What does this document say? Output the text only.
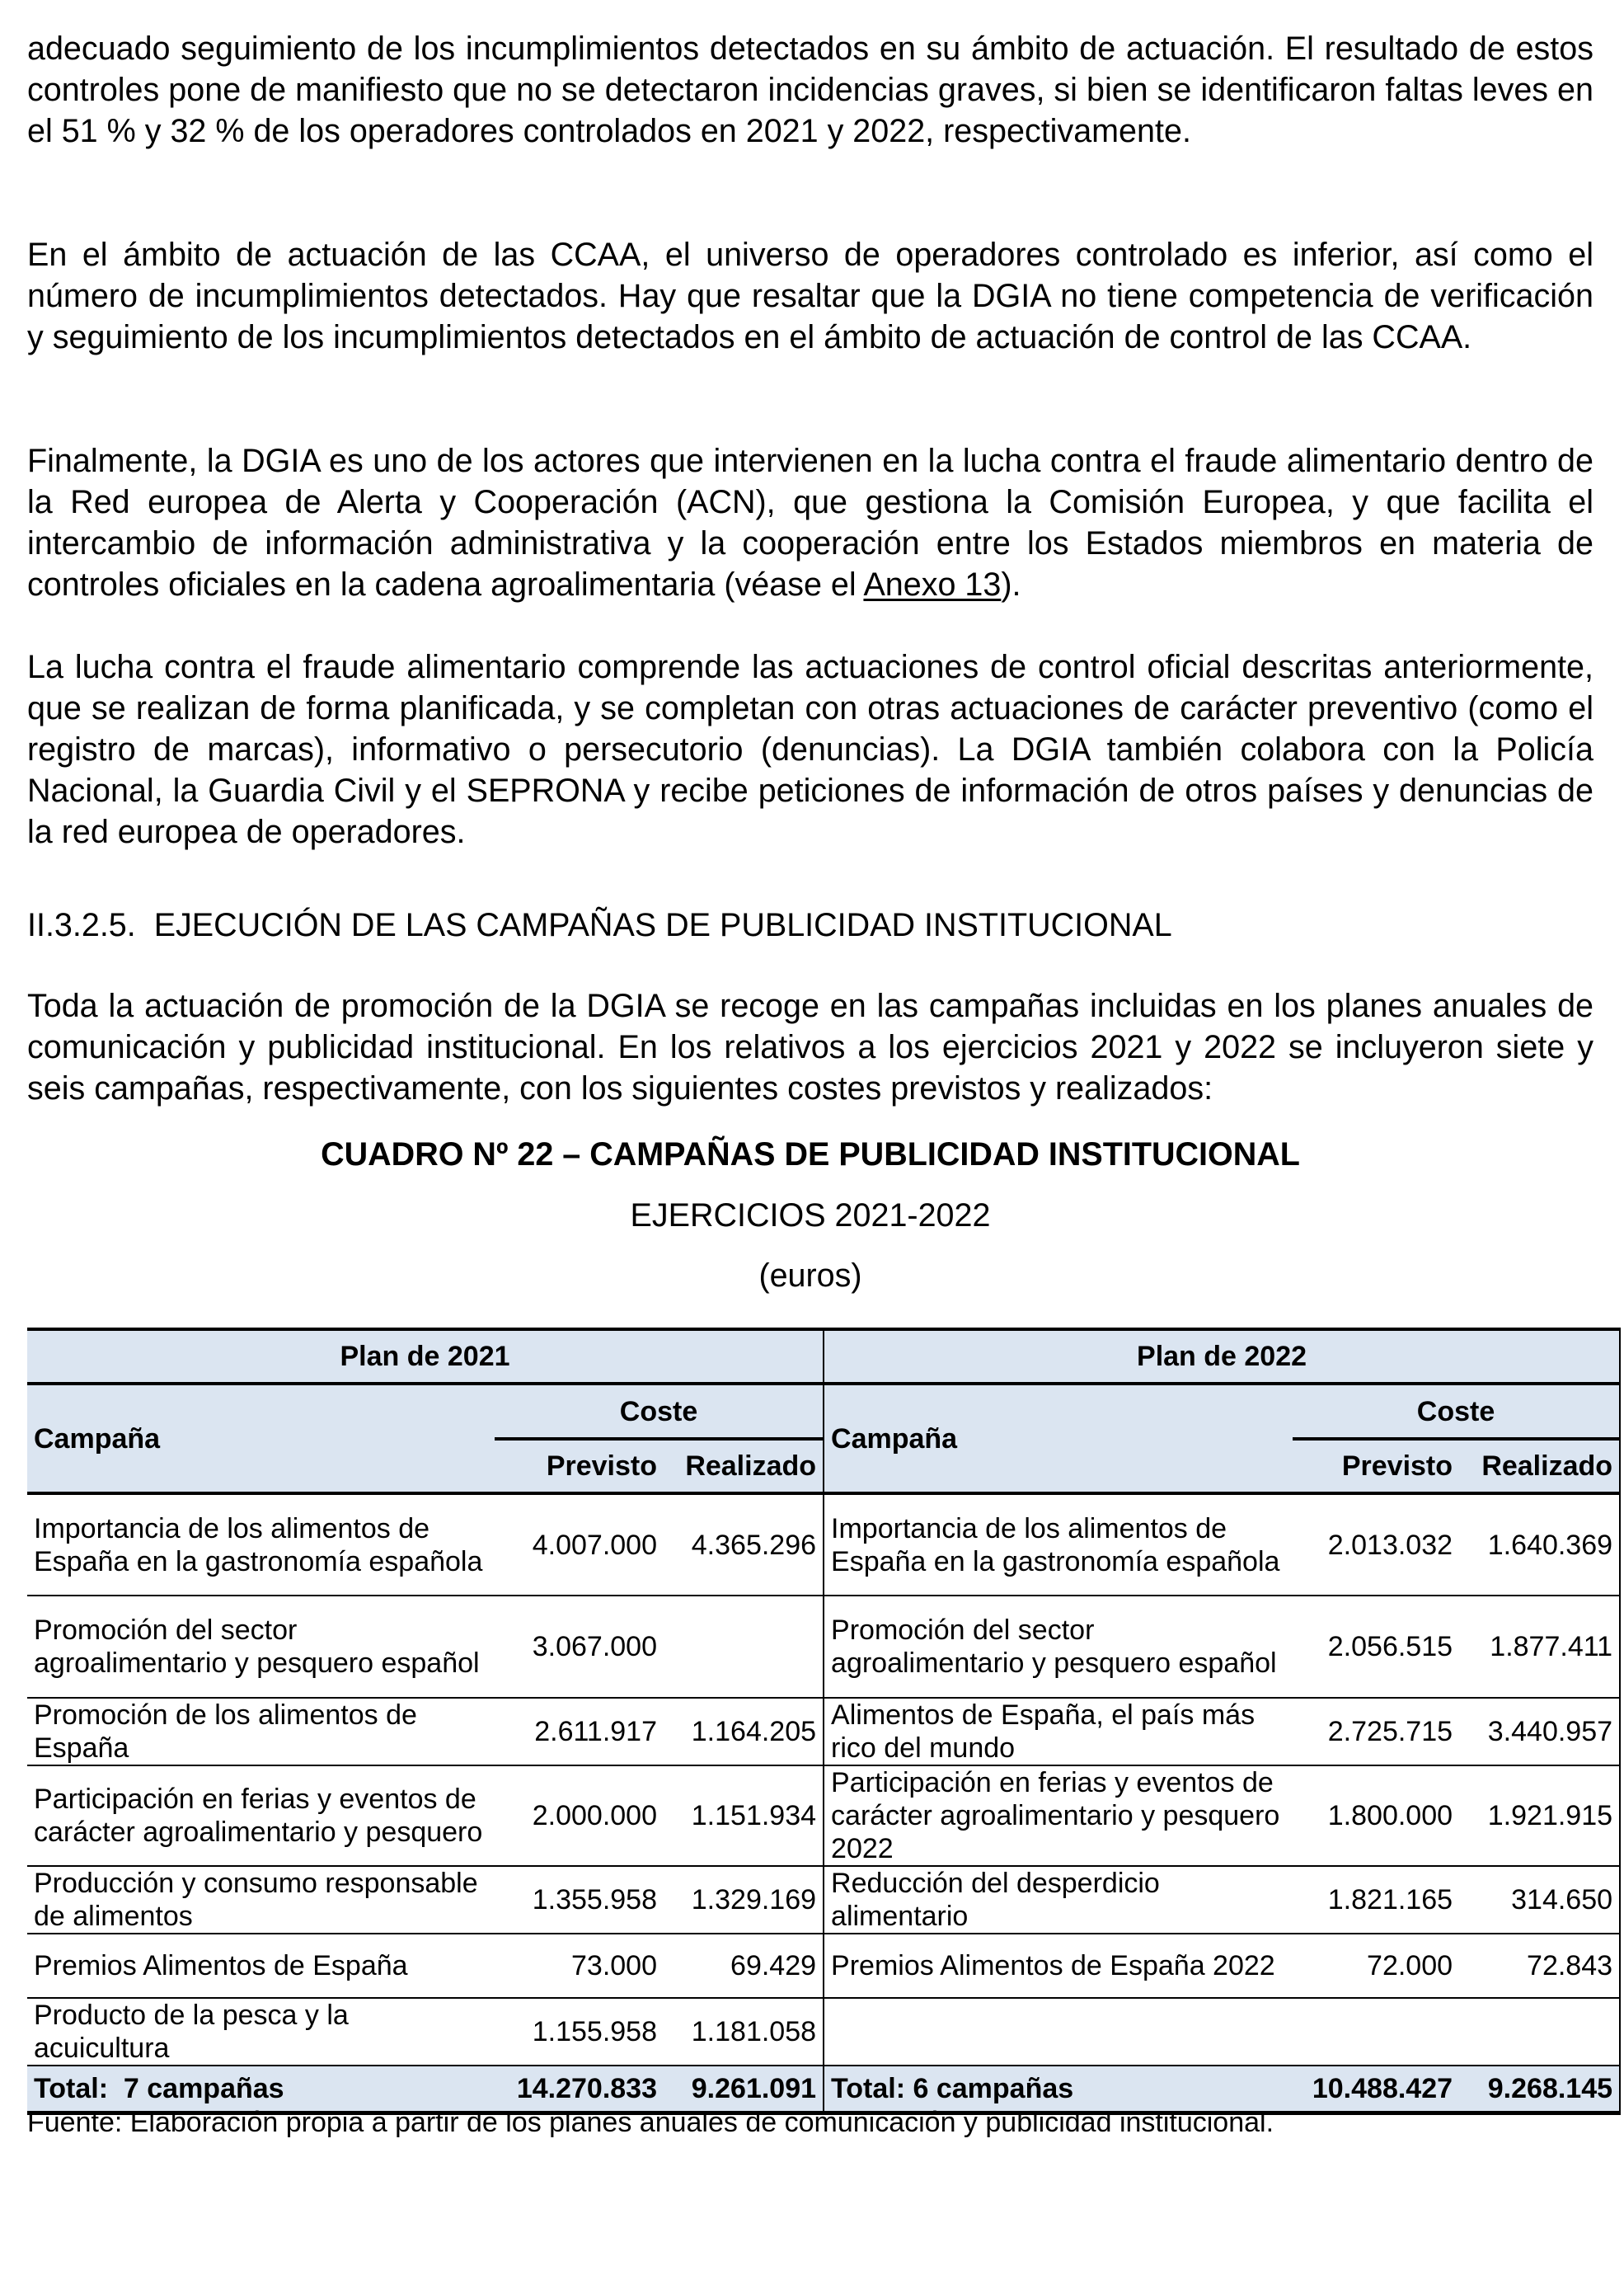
adecuado seguimiento de los incumplimientos detectados en su ámbito de actuación. El resultado de estos controles pone de manifiesto que no se detectaron incidencias graves, si bien se identificaron faltas leves en el 51 % y 32 % de los operadores controlados en 2021 y 2022, respectivamente.

En el ámbito de actuación de las CCAA, el universo de operadores controlado es inferior, así como el número de incumplimientos detectados. Hay que resaltar que la DGIA no tiene competencia de verificación y seguimiento de los incumplimientos detectados en el ámbito de actuación de control de las CCAA.

Finalmente, la DGIA es uno de los actores que intervienen en la lucha contra el fraude alimentario dentro de la Red europea de Alerta y Cooperación (ACN), que gestiona la Comisión Europea, y que facilita el intercambio de información administrativa y la cooperación entre los Estados miembros en materia de controles oficiales en la cadena agroalimentaria (véase el Anexo 13).

La lucha contra el fraude alimentario comprende las actuaciones de control oficial descritas anteriormente, que se realizan de forma planificada, y se completan con otras actuaciones de carácter preventivo (como el registro de marcas), informativo o persecutorio (denuncias). La DGIA también colabora con la Policía Nacional, la Guardia Civil y el SEPRONA y recibe peticiones de información de otros países y denuncias de la red europea de operadores.

II.3.2.5.  EJECUCIÓN DE LAS CAMPAÑAS DE PUBLICIDAD INSTITUCIONAL

Toda la actuación de promoción de la DGIA se recoge en las campañas incluidas en los planes anuales de comunicación y publicidad institucional. En los relativos a los ejercicios 2021 y 2022 se incluyeron siete y seis campañas, respectivamente, con los siguientes costes previstos y realizados:

CUADRO Nº 22 – CAMPAÑAS DE PUBLICIDAD INSTITUCIONAL
EJERCICIOS 2021-2022
(euros)
Plan de 2021			Plan de 2022		
Campaña	Coste		Campaña	Coste	
	Previsto	Realizado		Previsto	Realizado
Importancia de los alimentos de España en la gastronomía española	4.007.000	4.365.296	Importancia de los alimentos de España en la gastronomía española	2.013.032	1.640.369
Promoción del sector agroalimentario y pesquero español	3.067.000		Promoción del sector agroalimentario y pesquero español	2.056.515	1.877.411
Promoción de los alimentos de España	2.611.917	1.164.205	Alimentos de España, el país más rico del mundo	2.725.715	3.440.957
Participación en ferias y eventos de carácter agroalimentario y pesquero	2.000.000	1.151.934	Participación en ferias y eventos de carácter agroalimentario y pesquero 2022	1.800.000	1.921.915
Producción y consumo responsable de alimentos	1.355.958	1.329.169	Reducción del desperdicio alimentario	1.821.165	314.650
Premios Alimentos de España	73.000	69.429	Premios Alimentos de España 2022	72.000	72.843
Producto de la pesca y la acuicultura	1.155.958	1.181.058			
Total:  7 campañas	14.270.833	9.261.091	Total: 6 campañas	10.488.427	9.268.145
Fuente: Elaboración propia a partir de los planes anuales de comunicación y publicidad institucional.
